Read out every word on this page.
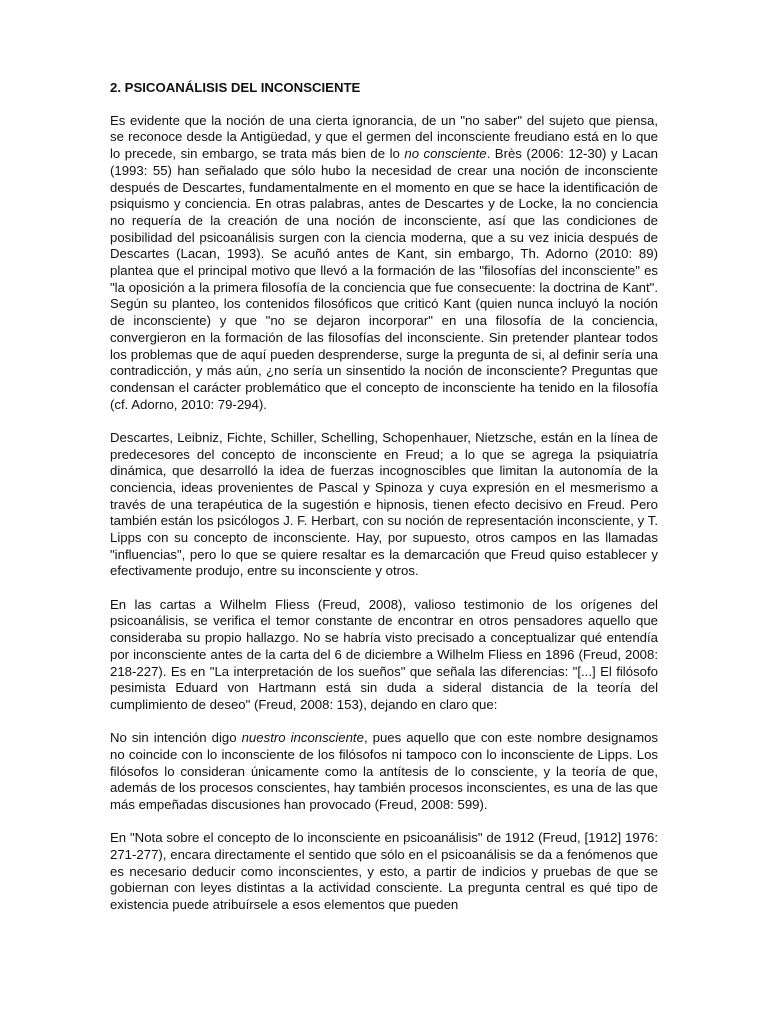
2. PSICOANÁLISIS DEL INCONSCIENTE

Es evidente que la noción de una cierta ignorancia, de un "no saber" del sujeto que piensa, se reconoce desde la Antigüedad, y que el germen del inconsciente freudiano está en lo que lo precede, sin embargo, se trata más bien de lo no consciente. Brès (2006: 12-30) y Lacan (1993: 55) han señalado que sólo hubo la necesidad de crear una noción de inconsciente después de Descartes, fundamentalmente en el momento en que se hace la identificación de psiquismo y conciencia. En otras palabras, antes de Descartes y de Locke, la no conciencia no requería de la creación de una noción de inconsciente, así que las condiciones de posibilidad del psicoanálisis surgen con la ciencia moderna, que a su vez inicia después de Descartes (Lacan, 1993). Se acuñó antes de Kant, sin embargo, Th. Adorno (2010: 89) plantea que el principal motivo que llevó a la formación de las "filosofías del inconsciente" es "la oposición a la primera filosofía de la conciencia que fue consecuente: la doctrina de Kant". Según su planteo, los contenidos filosóficos que criticó Kant (quien nunca incluyó la noción de inconsciente) y que "no se dejaron incorporar" en una filosofía de la conciencia, convergieron en la formación de las filosofías del inconsciente. Sin pretender plantear todos los problemas que de aquí pueden desprenderse, surge la pregunta de si, al definir sería una contradicción, y más aún, ¿no sería un sinsentido la noción de inconsciente? Preguntas que condensan el carácter problemático que el concepto de inconsciente ha tenido en la filosofía (cf. Adorno, 2010: 79-294).

Descartes, Leibniz, Fichte, Schiller, Schelling, Schopenhauer, Nietzsche, están en la línea de predecesores del concepto de inconsciente en Freud; a lo que se agrega la psiquiatría dinámica, que desarrolló la idea de fuerzas incognoscibles que limitan la autonomía de la conciencia, ideas provenientes de Pascal y Spinoza y cuya expresión en el mesmerismo a través de una terapéutica de la sugestión e hipnosis, tienen efecto decisivo en Freud. Pero también están los psicólogos J. F. Herbart, con su noción de representación inconsciente, y T. Lipps con su concepto de inconsciente. Hay, por supuesto, otros campos en las llamadas "influencias", pero lo que se quiere resaltar es la demarcación que Freud quiso establecer y efectivamente produjo, entre su inconsciente y otros.

En las cartas a Wilhelm Fliess (Freud, 2008), valioso testimonio de los orígenes del psicoanálisis, se verifica el temor constante de encontrar en otros pensadores aquello que consideraba su propio hallazgo. No se habría visto precisado a conceptualizar qué entendía por inconsciente antes de la carta del 6 de diciembre a Wilhelm Fliess en 1896 (Freud, 2008: 218-227). Es en "La interpretación de los sueños" que señala las diferencias: "[...] El filósofo pesimista Eduard von Hartmann está sin duda a sideral distancia de la teoría del cumplimiento de deseo" (Freud, 2008: 153), dejando en claro que:

No sin intención digo nuestro inconsciente, pues aquello que con este nombre designamos no coincide con lo inconsciente de los filósofos ni tampoco con lo inconsciente de Lipps. Los filósofos lo consideran únicamente como la antítesis de lo consciente, y la teoría de que, además de los procesos conscientes, hay también procesos inconscientes, es una de las que más empeñadas discusiones han provocado (Freud, 2008: 599).

En "Nota sobre el concepto de lo inconsciente en psicoanálisis" de 1912 (Freud, [1912] 1976: 271-277), encara directamente el sentido que sólo en el psicoanálisis se da a fenómenos que es necesario deducir como inconscientes, y esto, a partir de indicios y pruebas de que se gobiernan con leyes distintas a la actividad consciente. La pregunta central es qué tipo de existencia puede atribuírsele a esos elementos que pueden
